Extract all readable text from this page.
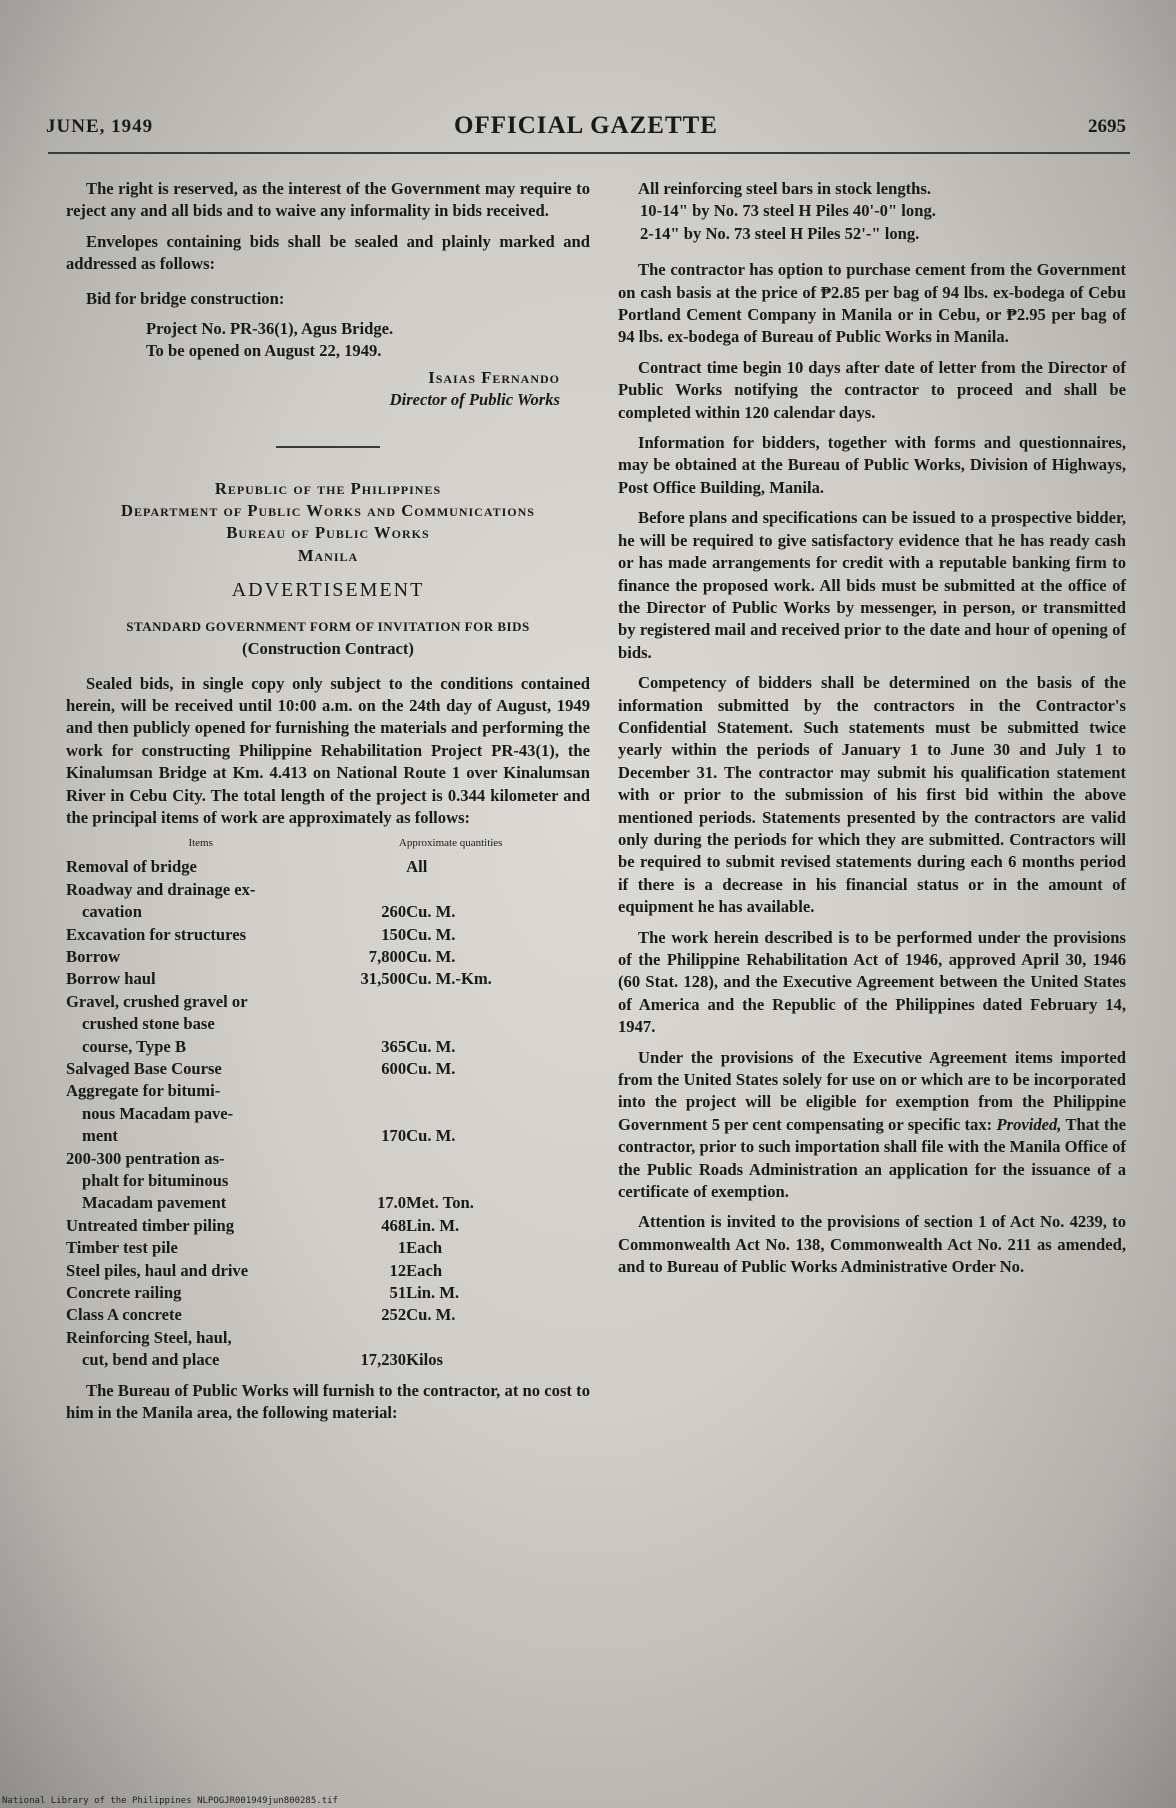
JUNE, 1949	OFFICIAL GAZETTE	2695

The right is reserved, as the interest of the Government may require to reject any and all bids and to waive any informality in bids received.

Envelopes containing bids shall be sealed and plainly marked and addressed as follows:

Bid for bridge construction:

Project No. PR-36(1), Agus Bridge.

To be opened on August 22, 1949.

Isaias Fernando

Director of Public Works

Republic of the Philippines

Department of Public Works and Communications

Bureau of Public Works

Manila

ADVERTISEMENT
STANDARD GOVERNMENT FORM OF INVITATION FOR BIDS
(Construction Contract)

Sealed bids, in single copy only subject to the conditions contained herein, will be received until 10:00 a.m. on the 24th day of August, 1949 and then publicly opened for furnishing the materials and performing the work for constructing Philippine Rehabilitation Project PR-43(1), the Kinalumsan Bridge at Km. 4.413 on National Route 1 over Kinalumsan River in Cebu City. The total length of the project is 0.344 kilometer and the principal items of work are approximately as follows:

Items	Approximate quantities	
Removal of bridge		All
Roadway and drainage ex-		
cavation	260	Cu. M.
Excavation for structures	150	Cu. M.
Borrow	7,800	Cu. M.
Borrow haul	31,500	Cu. M.-Km.
Gravel, crushed gravel or		
crushed stone base		
course, Type B	365	Cu. M.
Salvaged Base Course	600	Cu. M.
Aggregate for bitumi-		
nous Macadam pave-		
ment	170	Cu. M.
200-300 pentration as-		
phalt for bituminous		
Macadam pavement	17.0	Met. Ton.
Untreated timber piling	468	Lin. M.
Timber test pile	1	Each
Steel piles, haul and drive	12	Each
Concrete railing	51	Lin. M.
Class A concrete	252	Cu. M.
Reinforcing Steel, haul,		
cut, bend and place	17,230	Kilos

The Bureau of Public Works will furnish to the contractor, at no cost to him in the Manila area, the following material:

All reinforcing steel bars in stock lengths.

10-14" by No. 73 steel H Piles 40'-0" long.

2-14" by No. 73 steel H Piles 52'-" long.

The contractor has option to purchase cement from the Government on cash basis at the price of ₱2.85 per bag of 94 lbs. ex-bodega of Cebu Portland Cement Company in Manila or in Cebu, or ₱2.95 per bag of 94 lbs. ex-bodega of Bureau of Public Works in Manila.

Contract time begin 10 days after date of letter from the Director of Public Works notifying the contractor to proceed and shall be completed within 120 calendar days.

Information for bidders, together with forms and questionnaires, may be obtained at the Bureau of Public Works, Division of Highways, Post Office Building, Manila.

Before plans and specifications can be issued to a prospective bidder, he will be required to give satisfactory evidence that he has ready cash or has made arrangements for credit with a reputable banking firm to finance the proposed work. All bids must be submitted at the office of the Director of Public Works by messenger, in person, or transmitted by registered mail and received prior to the date and hour of opening of bids.

Competency of bidders shall be determined on the basis of the information submitted by the contractors in the Contractor's Confidential Statement. Such statements must be submitted twice yearly within the periods of January 1 to June 30 and July 1 to December 31. The contractor may submit his qualification statement with or prior to the submission of his first bid within the above mentioned periods. Statements presented by the contractors are valid only during the periods for which they are submitted. Contractors will be required to submit revised statements during each 6 months period if there is a decrease in his financial status or in the amount of equipment he has available.

The work herein described is to be performed under the provisions of the Philippine Rehabilitation Act of 1946, approved April 30, 1946 (60 Stat. 128), and the Executive Agreement between the United States of America and the Republic of the Philippines dated February 14, 1947.

Under the provisions of the Executive Agreement items imported from the United States solely for use on or which are to be incorporated into the project will be eligible for exemption from the Philippine Government 5 per cent compensating or specific tax: Provided, That the contractor, prior to such importation shall file with the Manila Office of the Public Roads Administration an application for the issuance of a certificate of exemption.

Attention is invited to the provisions of section 1 of Act No. 4239, to Commonwealth Act No. 138, Commonwealth Act No. 211 as amended, and to Bureau of Public Works Administrative Order No.

National Library of the Philippines NLPOGJR001949jun800285.tif
